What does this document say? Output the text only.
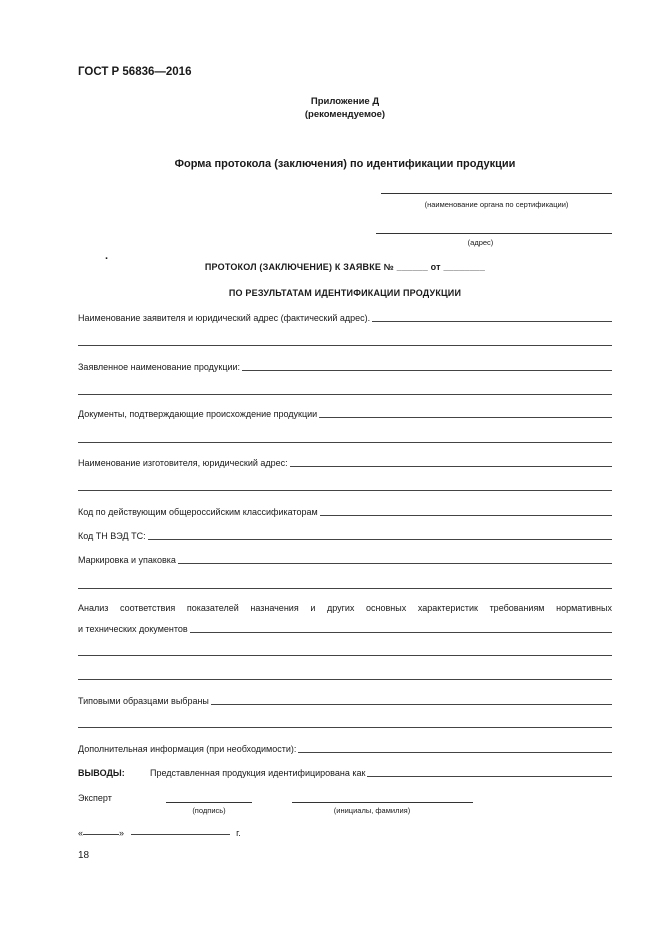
ГОСТ Р 56836—2016
Приложение Д
(рекомендуемое)
Форма протокола (заключения) по идентификации продукции
(наименование органа по сертификации)
(адрес)
.
ПРОТОКОЛ (ЗАКЛЮЧЕНИЕ) К ЗАЯВКЕ № ______ от ________
ПО РЕЗУЛЬТАТАМ ИДЕНТИФИКАЦИИ ПРОДУКЦИИ
Наименование заявителя и юридический адрес (фактический адрес).
Заявленное наименование продукции:
Документы, подтверждающие происхождение продукции
Наименование изготовителя, юридический адрес:
Код по действующим общероссийским классификаторам
Код ТН ВЭД ТС:
Маркировка и упаковка
Анализ соответствия показателей назначения и других основных характеристик требованиям нормативных
и технических документов
Типовыми образцами выбраны
Дополнительная информация (при необходимости):
ВЫВОДЫ:	Представленная продукция идентифицирована как
Эксперт
(подпись)	(инициалы, фамилия)
«	»	г.
18
